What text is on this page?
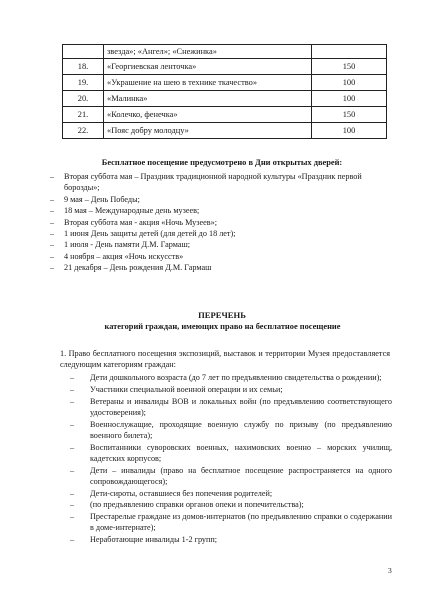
	звезда»; «Ангел»; «Снежинка»	
18.	«Георгиевская ленточка»	150
19.	«Украшение на шею в технике ткачество»	100
20.	«Малинка»	100
21.	«Колечко, фенечка»	150
22.	«Пояс добру молодцу»	100
Бесплатное посещение предусмотрено в Дни открытых дверей:
– Вторая суббота мая – Праздник традиционной народной культуры «Праздник первой борозды»;
– 9 мая – День Победы;
– 18 мая – Международные день музеев;
– Вторая суббота мая - акция «Ночь Музеев»;
– 1 июня День защиты детей (для детей до 18 лет);
– 1 июля - День памяти Д.М. Гармаш;
– 4 ноября – акция «Ночь искусств»
– 21 декабря – День рождения Д.М. Гармаш
ПЕРЕЧЕНЬ
категорий граждан, имеющих право на бесплатное посещение
1. Право бесплатного посещения экспозиций, выставок и территории Музея предоставляется следующим категориям граждан:
– Дети дошкольного возраста (до 7 лет по предъявлению свидетельства о рождении);
– Участники специальной военной операции и их семьи;
– Ветераны и инвалиды ВОВ и локальных войн (по предъявлению соответствующего удостоверения);
– Военнослужащие, проходящие военную службу по призыву (по предъявлению военного билета);
– Воспитанники суворовских военных, нахимовских военно – морских училищ, кадетских корпусов;
– Дети – инвалиды (право на бесплатное посещение распространяется на одного сопровождающегося);
– Дети-сироты, оставшиеся без попечения родителей;
– (по предъявлению справки органов опеки и попечительства);
– Престарелые граждане из домов-интернатов (по предъявлению справки о содержании в доме-интернате);
– Неработающие инвалиды 1-2 групп;
3
